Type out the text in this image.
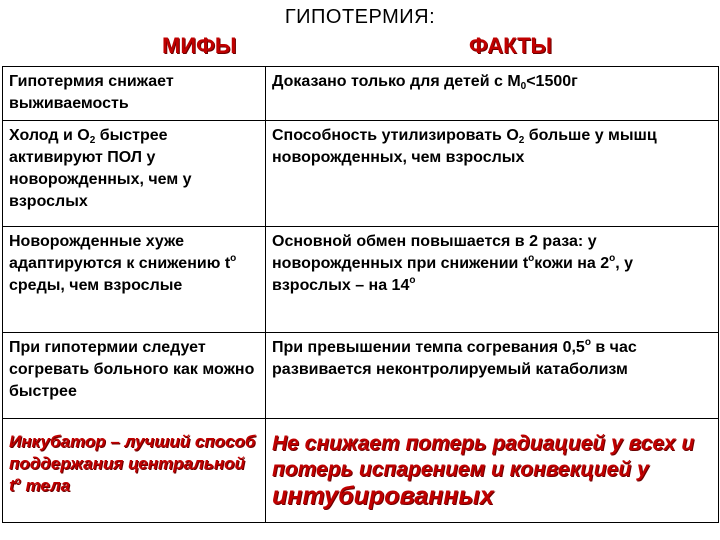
ГИПОТЕРМИЯ:
МИФЫ	ФАКТЫ
Гипотермия снижает выживаемость	Доказано только для детей с $М_0<1500г$
Холод и $О_2$ быстрее активируют ПОЛ у новорожденных, чем у взрослых	Способность утилизировать $О_2$ больше у мышц новорожденных, чем взрослых
Новорожденные хуже адаптируются к снижению $t^о$ среды, чем взрослые	Основной обмен повышается в 2 раза: у новорожденных при снижении $t^окожи$ на $2^о$, у взрослых – на $14^о$
При гипотермии следует согревать больного как можно быстрее	При превышении темпа согревания $0,5^о$ в час развивается неконтролируемый катаболизм
Инкубатор – лучший способ поддержания центральной $t^о$ тела	Не снижает потерь радиацией у всех и потерь испарением и конвекцией у интубированных
